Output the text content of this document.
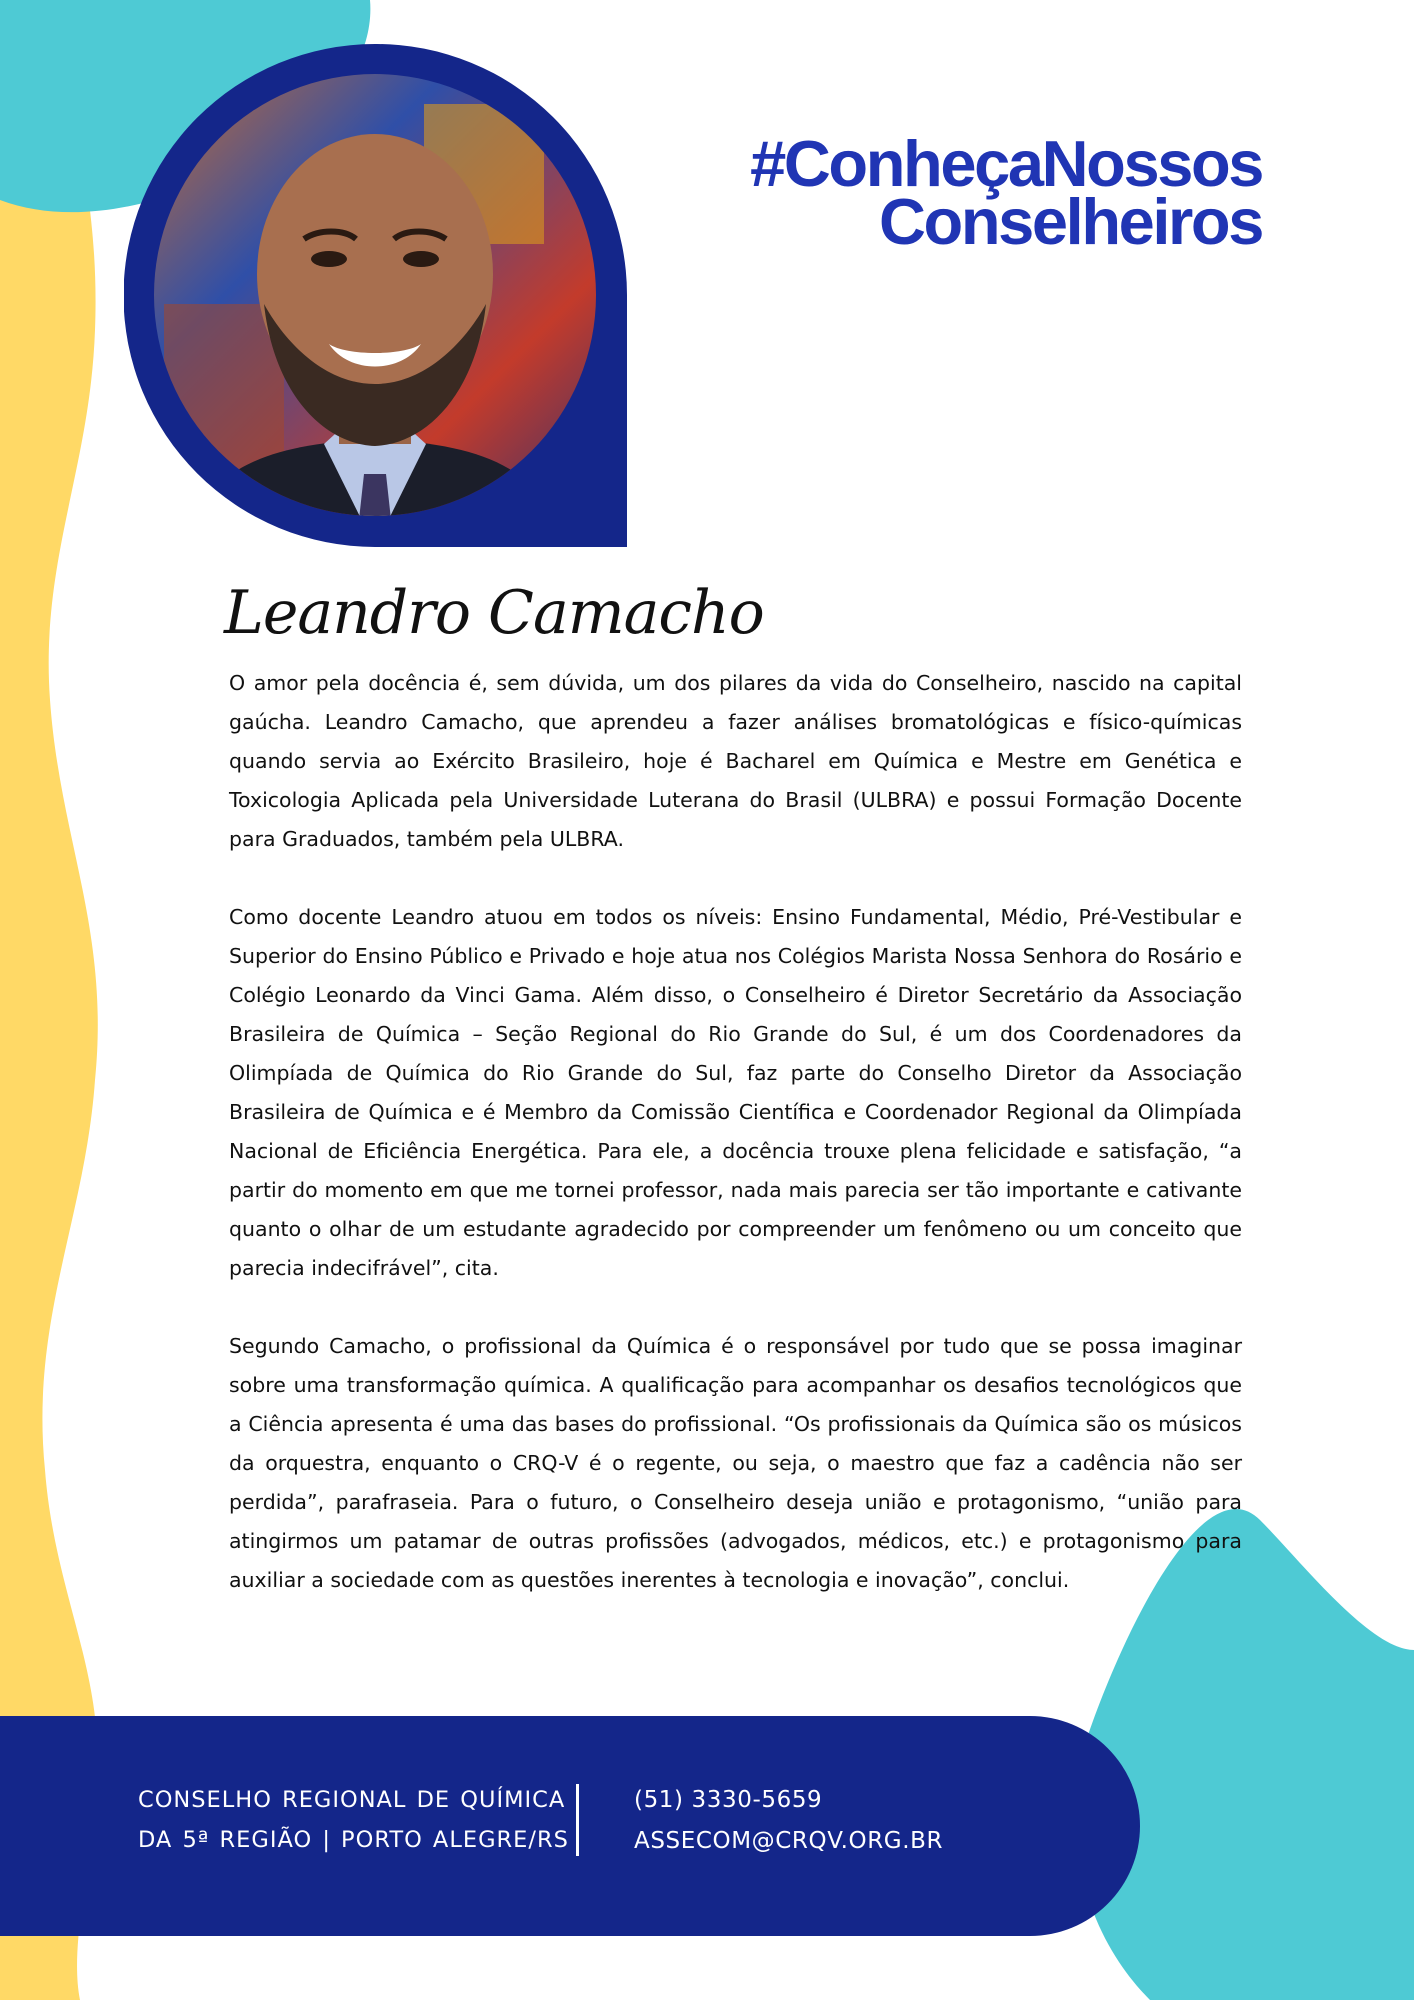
#ConheçaNossos
Conselheiros
Leandro Camacho

O amor pela docência é, sem dúvida, um dos pilares da vida do Conselheiro, nascido na capital gaúcha. Leandro Camacho, que aprendeu a fazer análises bromatológicas e físico-químicas quando servia ao Exército Brasileiro, hoje é Bacharel em Química e Mestre em Genética e Toxicologia Aplicada pela Universidade Luterana do Brasil (ULBRA) e possui Formação Docente para Graduados, também pela ULBRA.

Como docente Leandro atuou em todos os níveis: Ensino Fundamental, Médio, Pré-Vestibular e Superior do Ensino Público e Privado e hoje atua nos Colégios Marista Nossa Senhora do Rosário e Colégio Leonardo da Vinci Gama. Além disso, o Conselheiro é Diretor Secretário da Associação Brasileira de Química – Seção Regional do Rio Grande do Sul, é um dos Coordenadores da Olimpíada de Química do Rio Grande do Sul, faz parte do Conselho Diretor da Associação Brasileira de Química e é Membro da Comissão Científica e Coordenador Regional da Olimpíada Nacional de Eficiência Energética. Para ele, a docência trouxe plena felicidade e satisfação, “a partir do momento em que me tornei professor, nada mais parecia ser tão importante e cativante quanto o olhar de um estudante agradecido por compreender um fenômeno ou um conceito que parecia indecifrável”, cita.

Segundo Camacho, o profissional da Química é o responsável por tudo que se possa imaginar sobre uma transformação química. A qualificação para acompanhar os desafios tecnológicos que a Ciência apresenta é uma das bases do profissional. “Os profissionais da Química são os músicos da orquestra, enquanto o CRQ-V é o regente, ou seja, o maestro que faz a cadência não ser perdida”, parafraseia. Para o futuro, o Conselheiro deseja união e protagonismo, “união para atingirmos um patamar de outras profissões (advogados, médicos, etc.) e protagonismo para auxiliar a sociedade com as questões inerentes à tecnologia e inovação”, conclui.

CONSELHO REGIONAL DE QUÍMICA
DA 5ª REGIÃO | PORTO ALEGRE/RS
(51) 3330-5659
ASSECOM@CRQV.ORG.BR
